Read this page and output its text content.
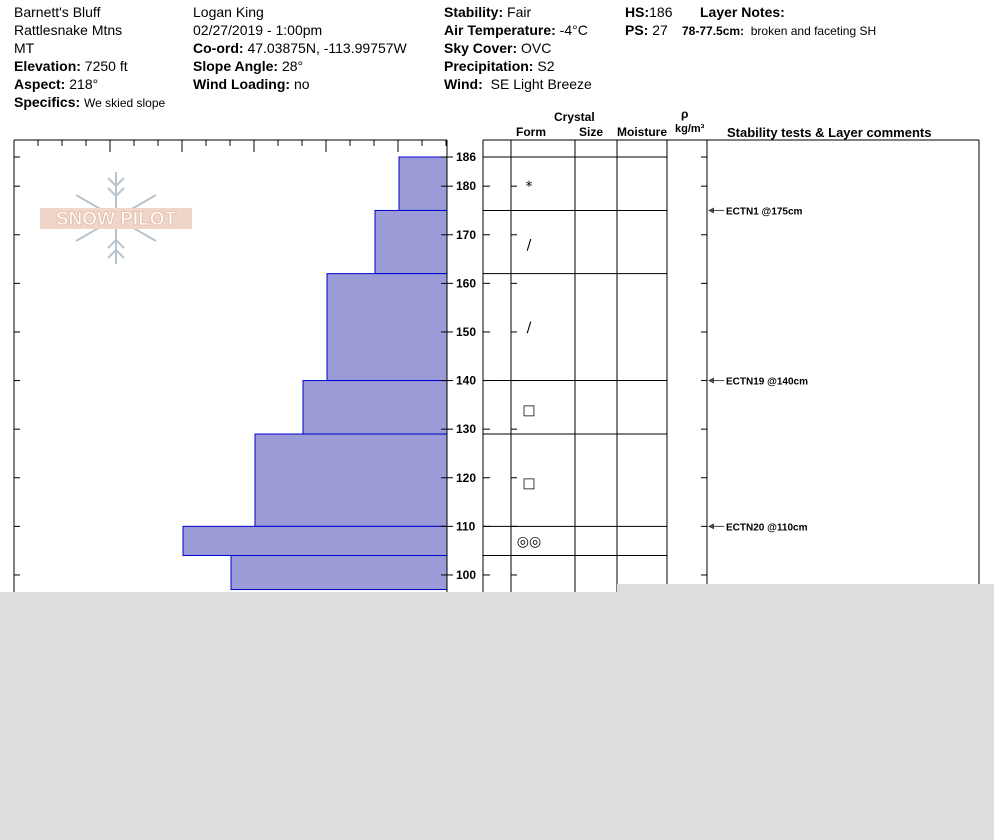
Barnett's Bluff
Rattlesnake Mtns
MT
Elevation: 7250 ft
Aspect: 218°
Specifics: We skied slope
Logan King
02/27/2019 - 1:00pm
Co-ord: 47.03875N, -113.99757W
Slope Angle: 28°
Wind Loading: no
Stability: Fair
Air Temperature: -4°C
Sky Cover: OVC
Precipitation: S2
Wind: SE Light Breeze
HS:186
PS: 27
Layer Notes:
78-77.5cm: broken and faceting SH
Crystal
Form	Size Moisture
ρ
kg/m³ Stability tests & Layer comments
100
110
120
130
140
150
160
170
180
186
*
/
/
□
□
◎◎
ECTN1 @175cm
ECTN19 @140cm
ECTN20 @110cm
SNOW PILOT
